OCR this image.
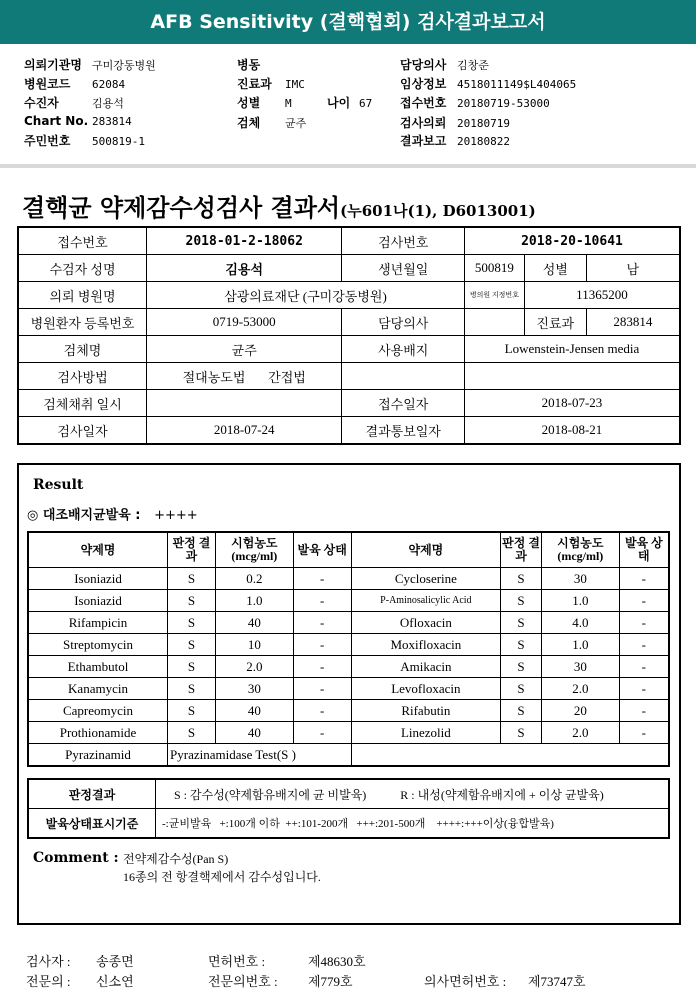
AFB Sensitivity (결핵협회) 검사결과보고서
의뢰기관명 구미강동병원
병원코드 62084
수진자	김용석
Chart No. 283814
주민번호 500819-1
병동
진료과 IMC
성별 M	나이 67
검체 균주
담당의사 김창준
임상정보 4518011149$L404065
접수번호 20180719-53000
검사의뢰 20180719
결과보고 20180822
결핵균 약제감수성검사 결과서(누601나(1), D6013001)
접수번호	2018-01-2-18062	검사번호	2018-20-10641		
수검자 성명	김용석	생년월일	500819	성별	남
의뢰 병원명	삼광의료재단 (구미강동병원)		병의원 지정번호	11365200	
병원환자 등록번호	0719-53000	담당의사		진료과	283814
검체명	균주	사용배지	Lowenstein-Jensen media		
검사방법	절대농도법 간접법				
검체채취 일시		접수일자	2018-07-23		
검사일자	2018-07-24	결과통보일자	2018-08-21		
Result
◎ 대조배지균발육 : ++++
약제명	판정 결과	시험농도 (mcg/ml)	발육 상태	약제명	판정 결과	시험농도 (mcg/ml)	발육 상태
Isoniazid	S	0.2	-	Cycloserine	S	30	-
Isoniazid	S	1.0	-	P-Aminosalicylic Acid	S	1.0	-
Rifampicin	S	40	-	Ofloxacin	S	4.0	-
Streptomycin	S	10	-	Moxifloxacin	S	1.0	-
Ethambutol	S	2.0	-	Amikacin	S	30	-
Kanamycin	S	30	-	Levofloxacin	S	2.0	-
Capreomycin	S	40	-	Rifabutin	S	20	-
Prothionamide	S	40	-	Linezolid	S	2.0	-
Pyrazinamid	Pyrazinamidase Test(S )						
판정결과	S : 감수성(약제함유배지에 균 비발육) R : 내성(약제함유배지에 + 이상 균발육)
발육상태표시기준	-:균비발육   +:100개 이하  ++:101-200개   +++:201-500개    ++++:+++이상(융합발육)
Comment : 전약제감수성(Pan S)
16종의 전 항결핵제에서 감수성입니다.
검사자 : 송종면	면허번호 :	제48630호
전문의 : 신소연	전문의번호 : 제779호	의사면허번호 : 제73747호
